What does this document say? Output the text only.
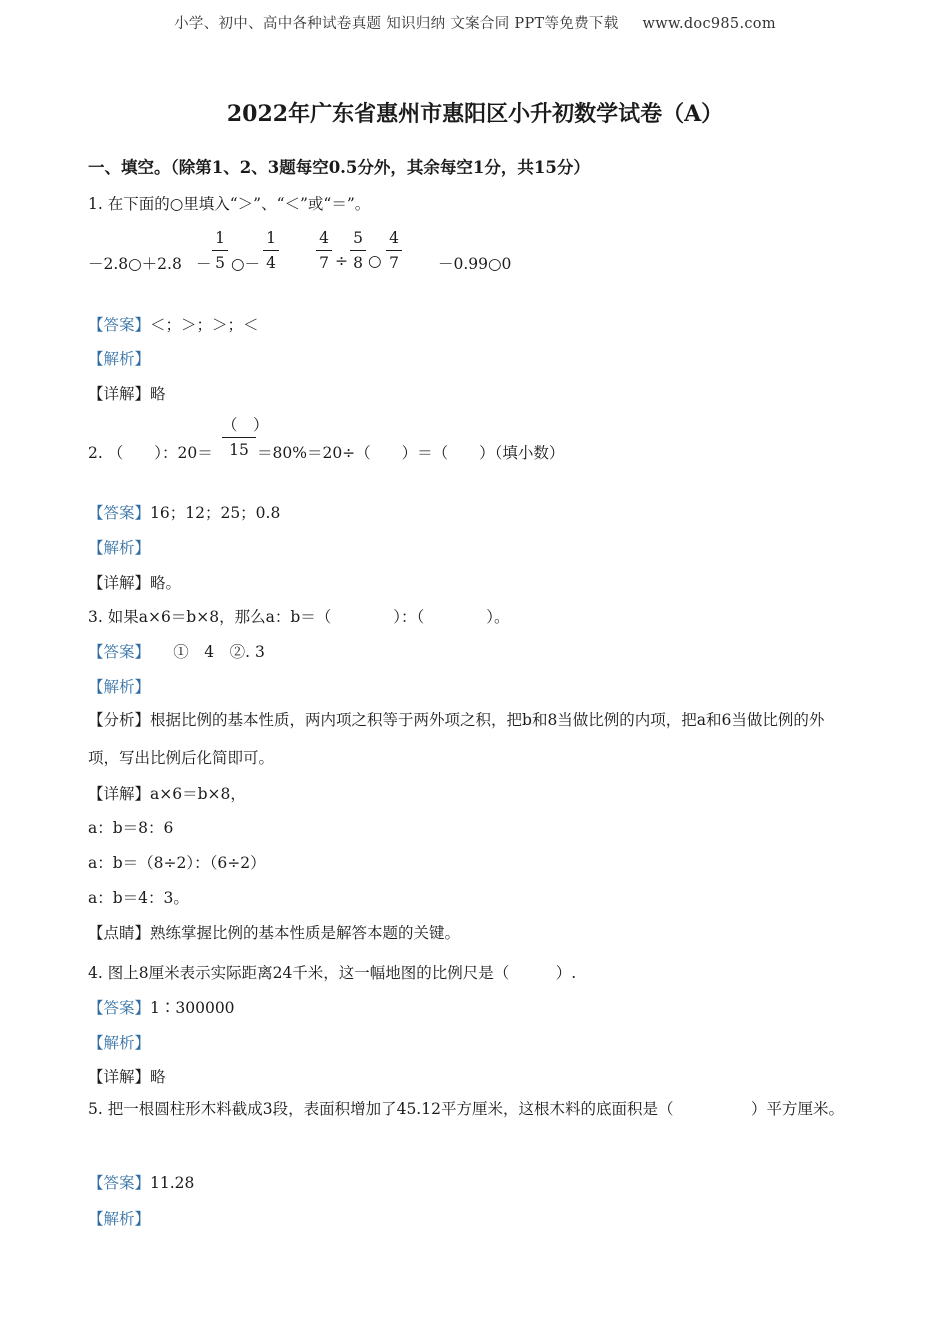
小学、初中、高中各种试卷真题 知识归纳 文案合同 PPT等免费下载 www.doc985.com
2022年广东省惠州市惠阳区小升初数学试卷（A）
一、填空。（除第1、2、3题每空0.5分外，其余每空1分，共15分）
1. 在下面的○里填入“＞”、“＜”或“＝”。
－2.8○＋2.8 －
1
5 ○－
1
4
4
7 ÷
5
8 ○
4
7	－0.99○0
【答案】＜；＞；＞；＜
【解析】
【详解】略
2. （　　）：20＝
（　）
15 ＝80%＝20÷（　　）＝（　　）（填小数）
【答案】16；12；25；0.8
【解析】
【详解】略。
3. 如果a×6＝b×8，那么a：b＝（　　　　）：（　　　　）。
【答案】　　①　4　②. 3
【解析】
【分析】根据比例的基本性质，两内项之积等于两外项之积，把b和8当做比例的内项，把a和6当做比例的外项，写出比例后化简即可。
【详解】a×6＝b×8，
a：b＝8：6
a：b＝（8÷2）：（6÷2）
a：b＝4：3。
【点睛】熟练掌握比例的基本性质是解答本题的关键。
4. 图上8厘米表示实际距离24千米，这一幅地图的比例尺是（　　　）.
【答案】1∶300000
【解析】
【详解】略
5. 把一根圆柱形木料截成3段，表面积增加了45.12平方厘米，这根木料的底面积是（　　　　　）平方厘米。
【答案】11.28
【解析】
